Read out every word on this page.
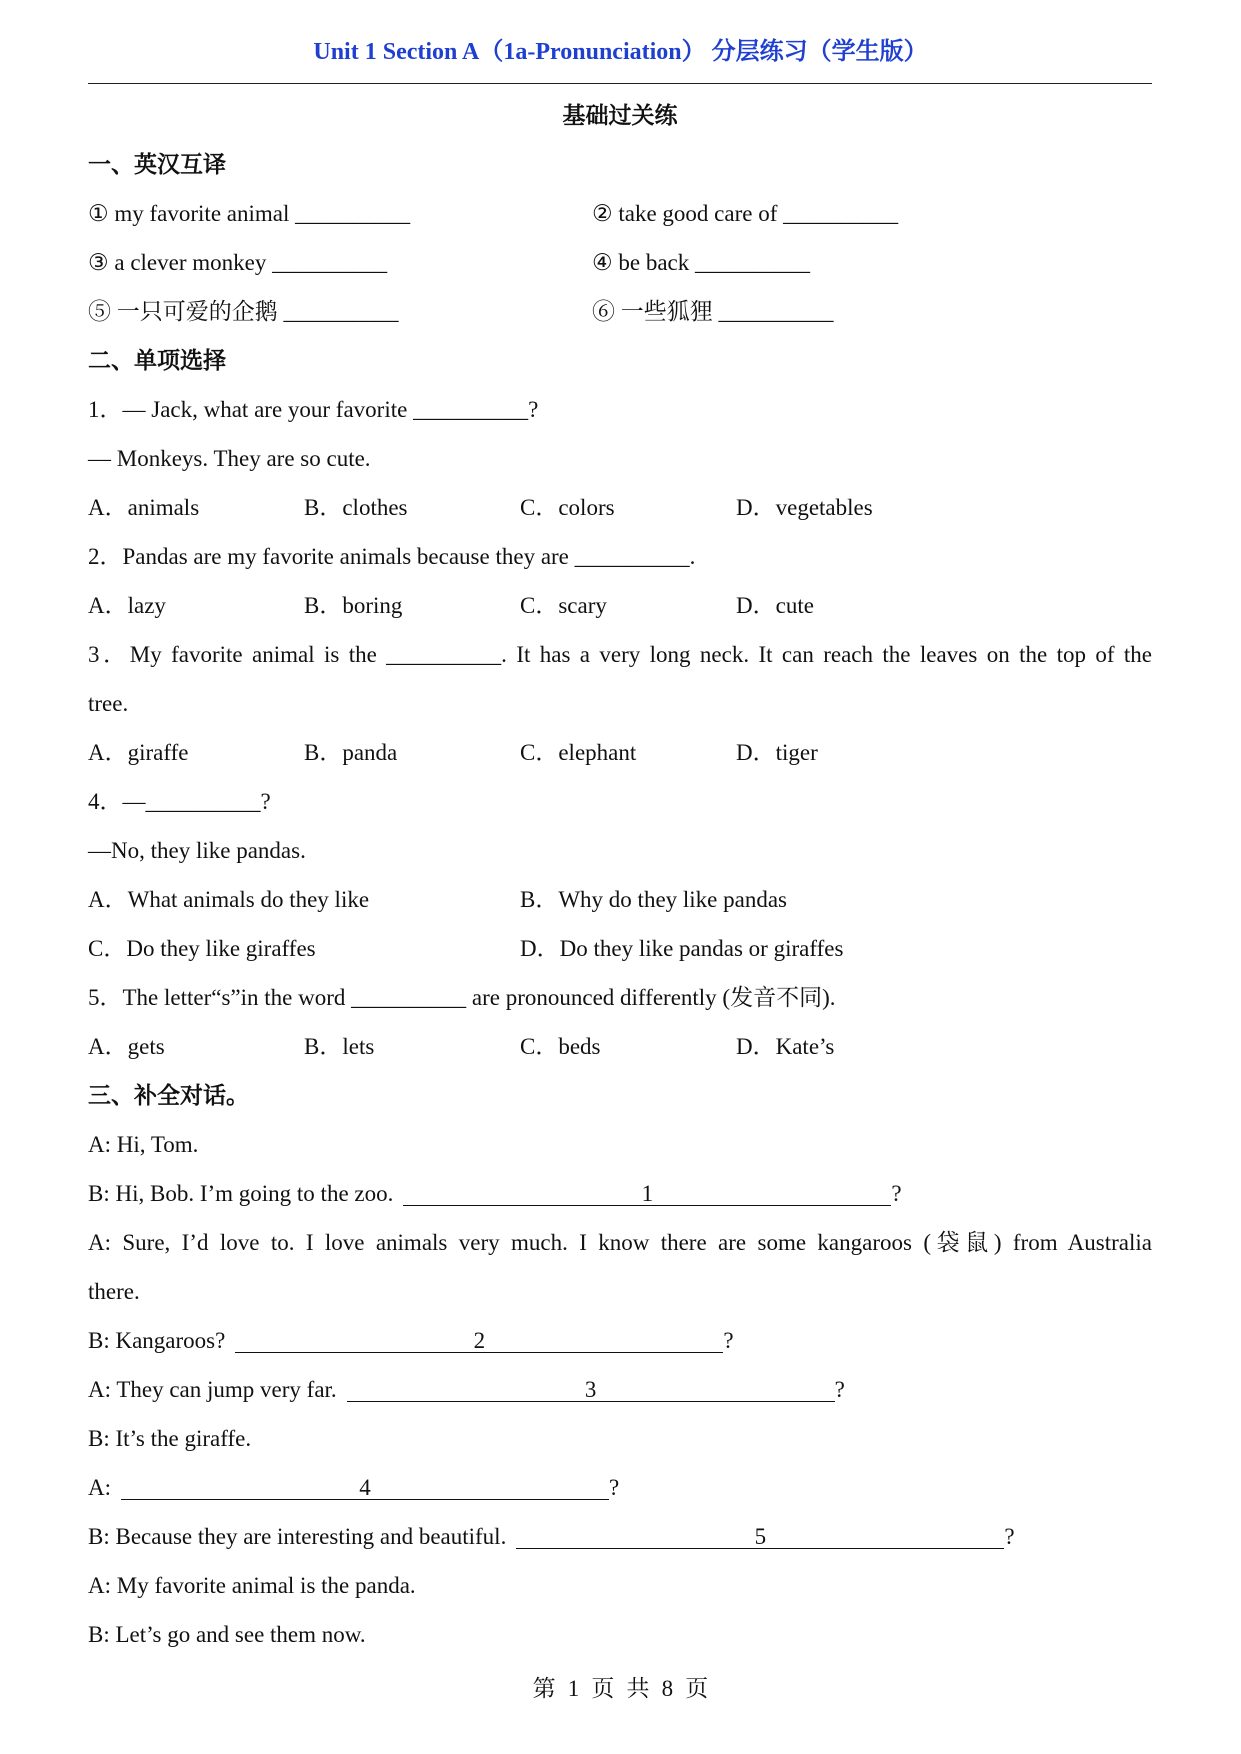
Unit 1 Section A（1a-Pronunciation） 分层练习（学生版）
基础过关练
一、英汉互译
① my favorite animal __________	② take good care of __________
③ a clever monkey __________	④ be back __________
⑤ 一只可爱的企鹅 __________	⑥ 一些狐狸 __________
二、单项选择
1．— Jack, what are your favorite __________?
— Monkeys. They are so cute.
A．animals	B．clothes	C．colors	D．vegetables
2．Pandas are my favorite animals because they are __________.
A．lazy	B．boring	C．scary	D．cute
3．My favorite animal is the __________. It has a very long neck. It can reach the leaves on the top of the
tree.
A．giraffe	B．panda	C．elephant	D．tiger
4．—__________?
—No, they like pandas.
A．What animals do they like	B．Why do they like pandas
C．Do they like giraffes	D．Do they like pandas or giraffes
5．The letter“s”in the word __________ are pronounced differently (发音不同).
A．gets	B．lets	C．beds	D．Kate’s
三、补全对话。
A: Hi, Tom.
B: Hi, Bob. I’m going to the zoo.	1	?
A: Sure, I’d love to. I love animals very much. I know there are some kangaroos (袋鼠) from Australia
there.
B: Kangaroos?	2	?
A: They can jump very far.	3	?
B: It’s the giraffe.
A:	4	?
B: Because they are interesting and beautiful.	5	?
A: My favorite animal is the panda.
B: Let’s go and see them now.
第 1 页 共 8 页
